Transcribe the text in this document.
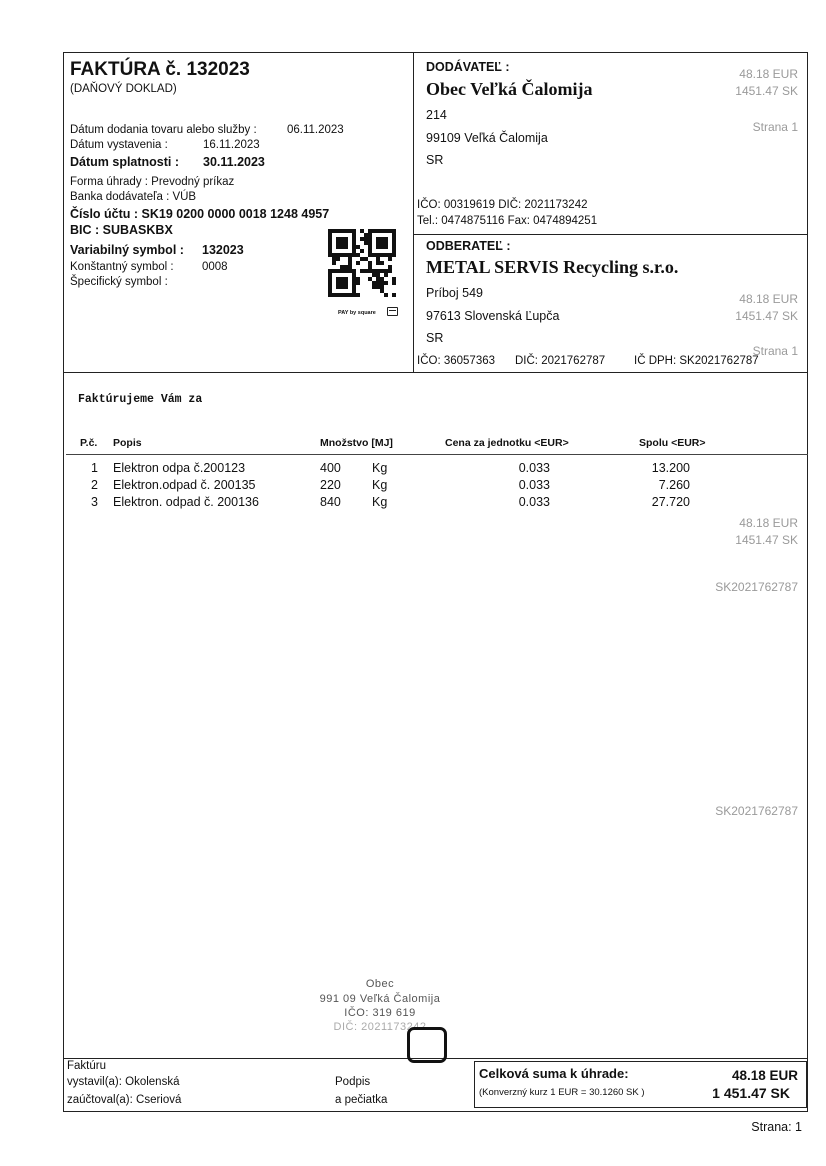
48.18 EUR
1451.47 SK
Strana 1
48.18 EUR
1451.47 SK
Strana 1
48.18 EUR
1451.47 SK
SK2021762787
SK2021762787
FAKTÚRA č. 132023
(DAŇOVÝ DOKLAD)
Dátum dodania tovaru alebo služby :	06.11.2023
Dátum vystavenia :	16.11.2023
Dátum splatnosti : 30.11.2023
Forma úhrady : Prevodný príkaz
Banka dodávateľa : VÚB
Číslo účtu : SK19 0200 0000 0018 1248 4957
BIC : SUBASKBX
Variabilný symbol : 132023
Konštantný symbol : 0008
Špecifický symbol :
PAY by square
DODÁVATEĽ :
Obec Veľká Čalomija
214
99109 Veľká Čalomija
SR
IČO: 00319619 DIČ: 2021173242
Tel.: 0474875116 Fax: 0474894251
ODBERATEĽ :
METAL SERVIS Recycling s.r.o.
Príboj 549
97613 Slovenská Ľupča
SR
IČO: 36057363 DIČ: 2021762787	IČ DPH: SK2021762787
Faktúrujeme Vám za
P.č. Popis	Množstvo [MJ]	Cena za jednotku <EUR>	Spolu <EUR>
1 Elektron odpa č.200123	400 Kg	0.033	13.200
2 Elektron.odpad č. 200135	220 Kg	0.033	7.260
3 Elektron. odpad č. 200136	840 Kg	0.033	27.720
Obec
991 09 Veľká Čalomija
IČO: 319 619
DIČ: 2021173242
Faktúru
vystavil(a): Okolenská
zaúčtoval(a): Cseriová
Podpis
a pečiatka
Celková suma k úhrade:	48.18 EUR
(Konverzný kurz 1 EUR = 30.1260 SK )	1 451.47 SK
Strana: 1
